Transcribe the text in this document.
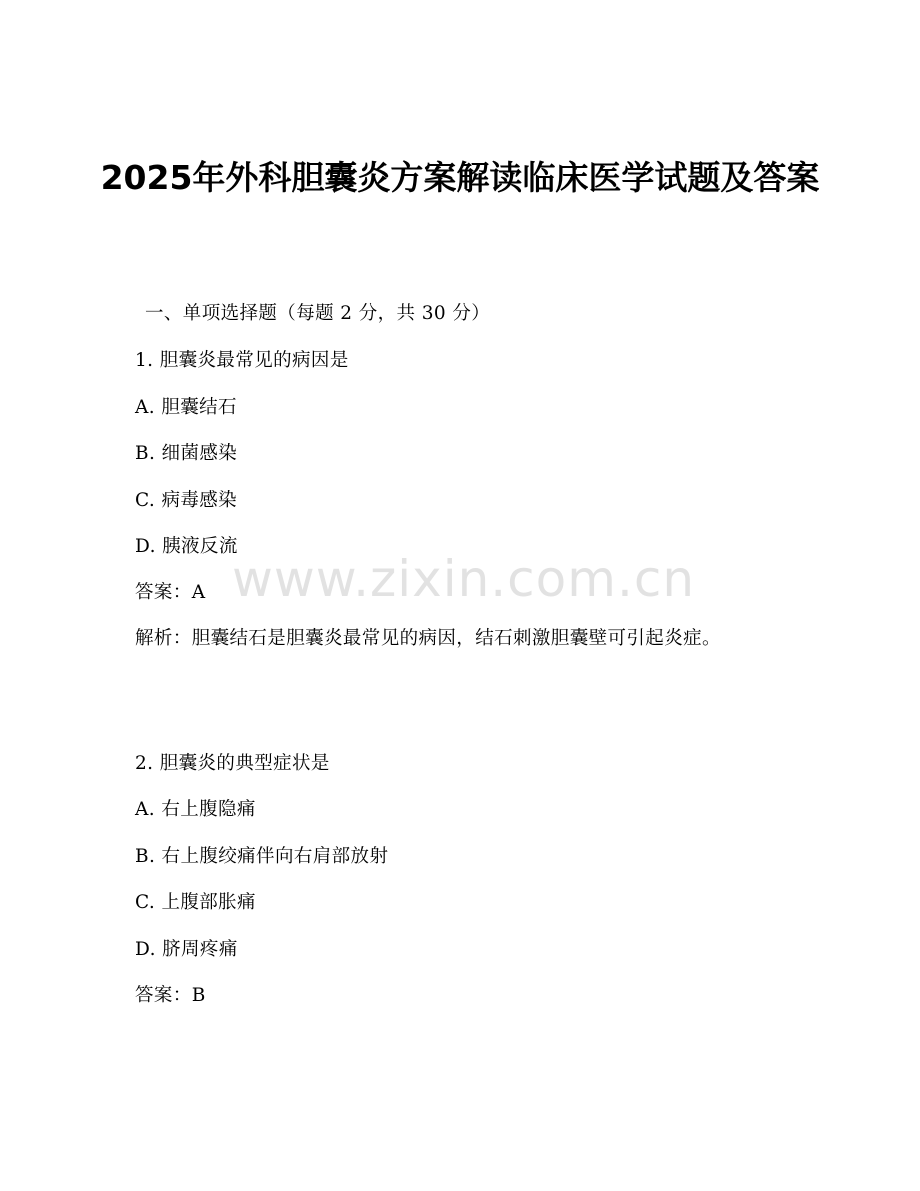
2025年外科胆囊炎方案解读临床医学试题及答案
一、单项选择题（每题 2 分，共 30 分）
1. 胆囊炎最常见的病因是
A. 胆囊结石
B. 细菌感染
C. 病毒感染
D. 胰液反流
答案：A
解析：胆囊结石是胆囊炎最常见的病因，结石刺激胆囊壁可引起炎症。
2. 胆囊炎的典型症状是
A. 右上腹隐痛
B. 右上腹绞痛伴向右肩部放射
C. 上腹部胀痛
D. 脐周疼痛
答案：B
www.zixin.com.cn
